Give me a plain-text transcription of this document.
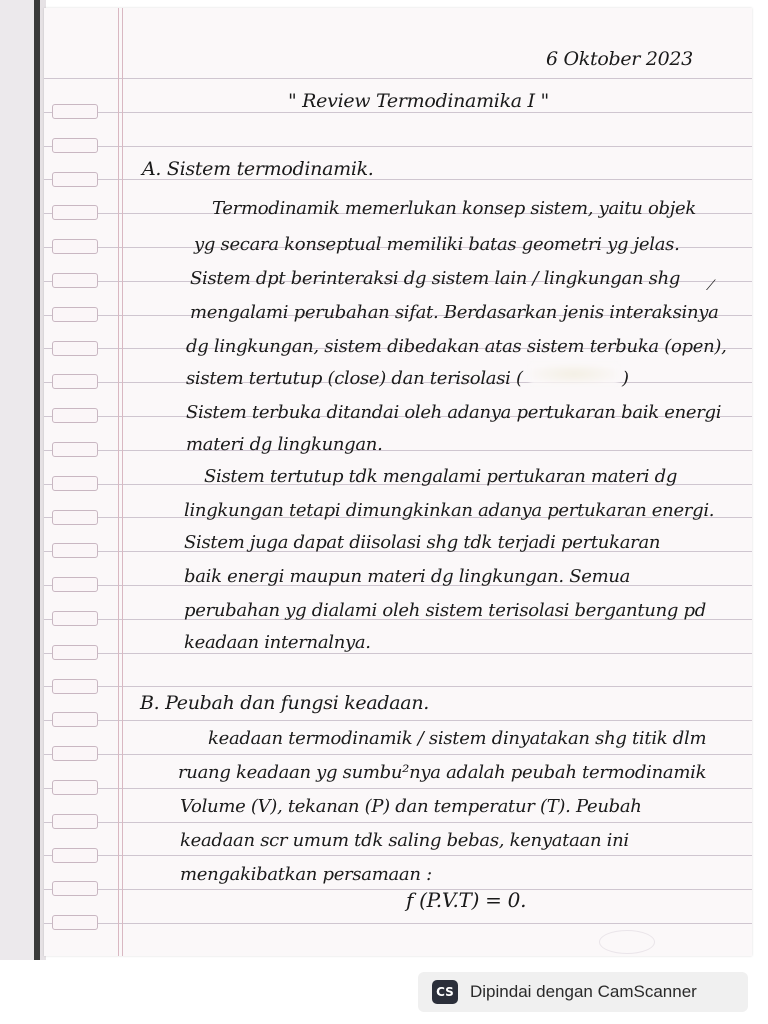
6 Oktober 2023
" Review Termodinamika I "
A. Sistem termodinamik.
Termodinamik memerlukan konsep sistem, yaitu objek
yg secara konseptual memiliki batas geometri yg jelas.
Sistem dpt berinteraksi dg sistem lain / lingkungan shg
mengalami perubahan sifat. Berdasarkan jenis interaksinya
dg lingkungan, sistem dibedakan atas sistem terbuka (open),
sistem tertutup (close) dan terisolasi (	)
Sistem terbuka ditandai oleh adanya pertukaran baik energi
materi dg lingkungan.
Sistem tertutup tdk mengalami pertukaran materi dg
lingkungan tetapi dimungkinkan adanya pertukaran energi.
Sistem juga dapat diisolasi shg tdk terjadi pertukaran
baik energi maupun materi dg lingkungan. Semua
perubahan yg dialami oleh sistem terisolasi bergantung pd
keadaan internalnya.
B. Peubah dan fungsi keadaan.
keadaan termodinamik / sistem dinyatakan shg titik dlm
ruang keadaan yg sumbu²nya adalah peubah termodinamik
Volume (V), tekanan (P) dan temperatur (T). Peubah
keadaan scr umum tdk saling bebas, kenyataan ini
mengakibatkan persamaan :
f (P.V.T) = 0.
⟋
CS Dipindai dengan CamScanner
